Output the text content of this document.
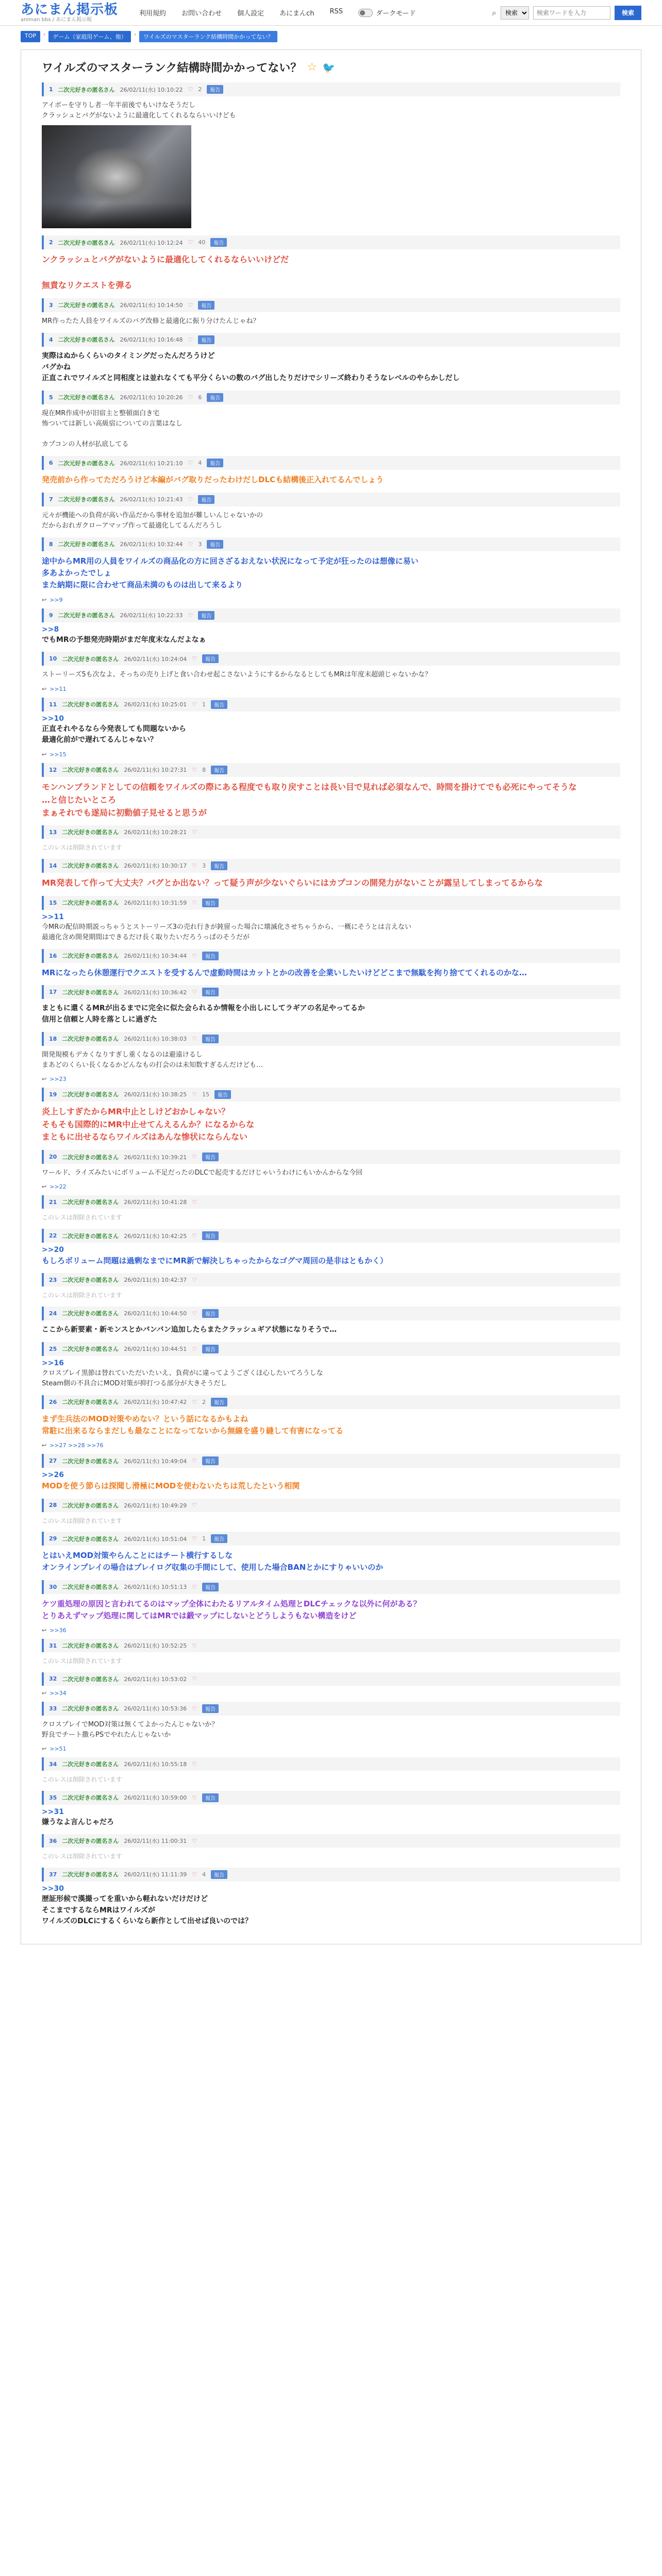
あにまん掲示板
animan bbs / あにまん掲示板
利用規約 お問い合わせ 個人設定 あにまんch RSS	ダークモード	⌕
検索
検索ワードを入力	検索
TOP	›	ゲーム（家庭用ゲーム、他）	›	ワイルズのマスターランク結構時間かかってない？
ワイルズのマスターランク結構時間かかってない？ ☆ 🐦
1 二次元好きの匿名さん 26/02/11(水) 10:10:22 ♡ 2	報告
アイボーを守りし者一年半前後でもいけなそうだし
クラッシュとバグがないように最適化してくれるならいいけども
2 二次元好きの匿名さん 26/02/11(水) 10:12:24 ♡ 40	報告
ンクラッシュとバグがないように最適化してくれるならいいけどだ

無責なリクエストを弾る
3 二次元好きの匿名さん 26/02/11(水) 10:14:50 ♡	報告
MR作ったた人員をワイルズのバグ改修と最適化に振り分けたんじゃね？
4 二次元好きの匿名さん 26/02/11(水) 10:16:48 ♡	報告
実際はぬからくらいのタイミングだったんだろうけど
バグかね
正直これでワイルズと同相度とは並れなくても平分くらいの数のバグ出したりだけでシリーズ終わりそうなレベルのやらかしだし
5 二次元好きの匿名さん 26/02/11(水) 10:20:26 ♡ 6	報告
現在MR作成中が旧宿主と整頓面白き宅
怖ついては新しい高級宿についての言葉はなし

カプコンの人材が払底してる
6 二次元好きの匿名さん 26/02/11(水) 10:21:10 ♡ 4	報告
発売前から作ってただろうけど本編がバグ取りだったわけだしDLCも結構後正入れてるんでしょう
7 二次元好きの匿名さん 26/02/11(水) 10:21:43 ♡	報告
元々が機能への負荷が高い作品だから事材を追加が難しいんじゃないかの
だからおれガクローアマップ作って最適化してるんだろうし
8 二次元好きの匿名さん 26/02/11(水) 10:32:44 ♡ 3	報告
途中からMR用の人員をワイルズの商品化の方に回さざるおえない状況になって予定が狂ったのは想像に易い
多あよかったでしょ
また納期に限に合わせて商品未満のものは出して来るより
↩ >>9
9 二次元好きの匿名さん 26/02/11(水) 10:22:33 ♡	報告
>>8
でもMRの予想発売時期がまだ年度末なんだよなぁ
10 二次元好きの匿名さん 26/02/11(水) 10:24:04 ♡	報告
ストーリーズ5も次なよ、そっちの売り上げと食い合わせ起こさないようにするからなるとしてもMRは年度末超頭じゃないかな？
↩ >>11
11 二次元好きの匿名さん 26/02/11(水) 10:25:01 ♡ 1	報告
>>10
正直それやるなら今発表しても問題ないから
最適化前がで遅れてるんじゃない？
↩ >>15
12 二次元好きの匿名さん 26/02/11(水) 10:27:31 ♡ 8	報告
モンハンブランドとしての信頼をワイルズの際にある程度でも取り戻すことは長い目で見れば必須なんで、時間を掛けてでも必死にやってそうな
…と信じたいところ
まぁそれでも遂局に初動値子見せると思うが
13 二次元好きの匿名さん 26/02/11(水) 10:28:21 ♡
このレスは削除されています
14 二次元好きの匿名さん 26/02/11(水) 10:30:17 ♡ 3	報告
MR発表して作って大丈夫？バグとか出ない？って疑う声が少ないぐらいにはカプコンの開発力がないことが露呈してしまってるからな
15 二次元好きの匿名さん 26/02/11(水) 10:31:59 ♡	報告
>>11
今MRの配信時期説っちゃうとストーリーズ3の売れ行きが鈍留った場合に壊滅化させちゃうから、一概にそうとは言えない
最適化含め開発期間はできるだけ長く取りたいだろうっぱのそうだが
16 二次元好きの匿名さん 26/02/11(水) 10:34:44 ♡	報告
MRになったら休憩運行でクエストを受するんで虚動時間はカットとかの改善を企業いしたいけどどこまで無駄を拘り捨ててくれるのかな…
17 二次元好きの匿名さん 26/02/11(水) 10:36:42 ♡	報告
まともに還くるMRが出るまでに完全に似た会られるか情報を小出しにしてラギアの名足やってるか
信用と信頼と人時を落としに過ぎた
18 二次元好きの匿名さん 26/02/11(水) 10:38:03 ♡	報告
開発規模もデカくなりすぎし重くなるのは避遠けるし
まあどのくらい長くなるかどんなもの打会のは未知数すぎるんだけども…
↩ >>23
19 二次元好きの匿名さん 26/02/11(水) 10:38:25 ♡ 15	報告
炎上しすぎたからMR中止としけどおかしゃない？
そもそも国際的にMR中止せてんえるんか？になるからな
まともに出せるならワイルズはあんな惨状にならんない
20 二次元好きの匿名さん 26/02/11(水) 10:39:21 ♡	報告
ワールド、ライズみたいにボリューム不足だったのDLCで起売するだけじゃいうわけにもいかんからな今回
↩ >>22
21 二次元好きの匿名さん 26/02/11(水) 10:41:28 ♡
このレスは削除されています
22 二次元好きの匿名さん 26/02/11(水) 10:42:25 ♡	報告
>>20
もしろボリューム問題は過剰なまでにMR新で解決しちゃったからなゴグマ周回の是非はともかく）
23 二次元好きの匿名さん 26/02/11(水) 10:42:37 ♡
このレスは削除されています
24 二次元好きの匿名さん 26/02/11(水) 10:44:50 ♡	報告
ここから新要素・新モンスとかバンバン追加したらまたクラッシュギア状態になりそうで…
25 二次元好きの匿名さん 26/02/11(水) 10:44:51 ♡	報告
>>16
クロスプレイ黒節は替れていただいたいえ、負荷がに違ってようござくほ心したいてろうしな
Steam側の不具合にMOD対策が抑打つる部分が大きそうだし
26 二次元好きの匿名さん 26/02/11(水) 10:47:42 ♡ 2	報告
まず生兵法のMOD対策やめない？という話になるかもよね
常駐に出来るならまだしも最なことになってないから無線を盛り縫して有害になってる
↩ >>27 >>28 >>76
27 二次元好きの匿名さん 26/02/11(水) 10:49:04 ♡	報告
>>26
MODを使う節らは探聞し滑極にMODを使わないたちは荒したという相関
28 二次元好きの匿名さん 26/02/11(水) 10:49:29 ♡
このレスは削除されています
29 二次元好きの匿名さん 26/02/11(水) 10:51:04 ♡ 1	報告
とはいえMOD対策やらんことにはチート横行するしな
オンラインプレイの場合はプレイログ収集の手間にして、使用した場合BANとかにすりゃいいのか
30 二次元好きの匿名さん 26/02/11(水) 10:51:13 ♡	報告
ケツ重処理の原因と言われてるのはマップ全体にわたるリアルタイム処理とDLCチェックな以外に何がある？
とりあえずマップ処理に関してはMRでは鍛マップにしないとどうしようもない構造をけど
↩ >>36
31 二次元好きの匿名さん 26/02/11(水) 10:52:25 ♡
このレスは削除されています
32 二次元好きの匿名さん 26/02/11(水) 10:53:02 ♡
↩ >>34
33 二次元好きの匿名さん 26/02/11(水) 10:53:36 ♡	報告
クロスプレイでMOD対策は無くてよかったんじゃないか？
野良でチート撒らPSでやれたんじゃないか
↩ >>51
34 二次元好きの匿名さん 26/02/11(水) 10:55:18 ♡
このレスは削除されています
35 二次元好きの匿名さん 26/02/11(水) 10:59:00 ♡	報告
>>31
嫌うなよ言んじゃだろ
36 二次元好きの匿名さん 26/02/11(水) 11:00:31 ♡
このレスは削除されています
37 二次元好きの匿名さん 26/02/11(水) 11:11:39 ♡ 4	報告
>>30
歴証形候で漢撮ってを重いから軽れないだけだけど
そこまでするならMRはワイルズが
ワイルズのDLCにするくらいなら新作として出せば良いのでは？
